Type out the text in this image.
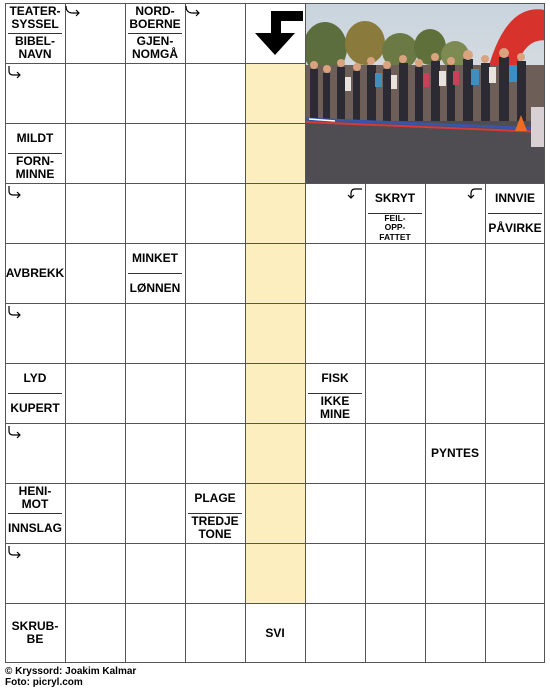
TEATER-
SYSSEL
BIBEL-
NAVN
NORD-
BOERNE
GJEN-
NOMGÅ
MILDT
FORN-
MINNE
SKRYT
FEIL-
OPP-
FATTET
INNVIE
PÅVIRKE
AVBREKK
MINKET
LØNNEN
LYD
KUPERT
FISK
IKKE
MINE
PYNTES
HENI-
MOT
INNSLAG
PLAGE
TREDJE
TONE
SKRUB-
BE	SVI
© Kryssord: Joakim Kalmar
Foto: picryl.com
